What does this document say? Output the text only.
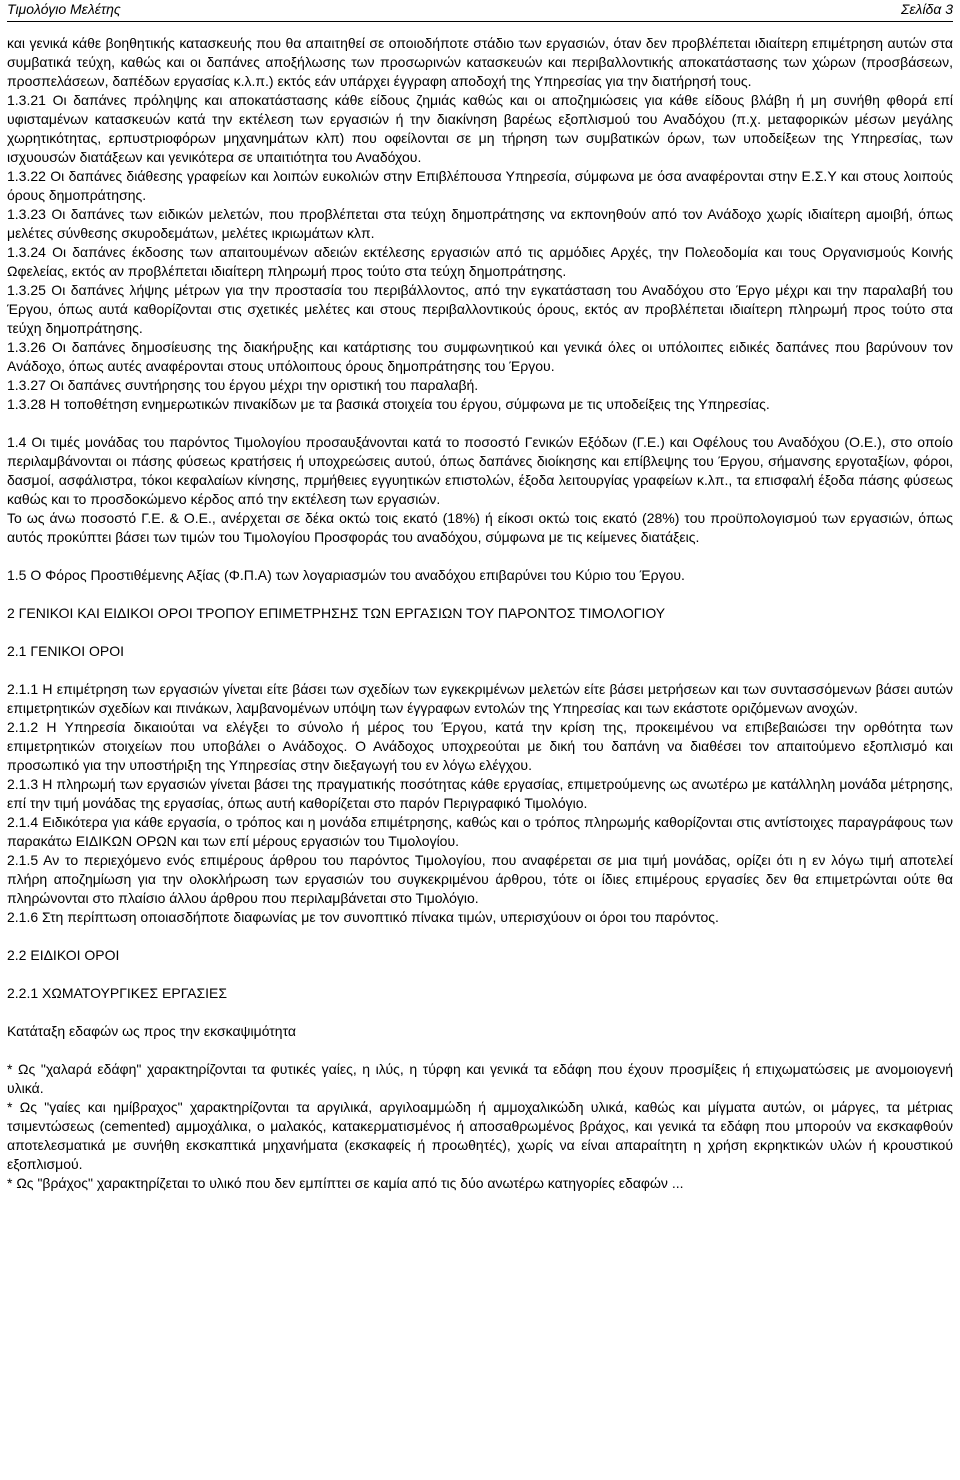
Τιμολόγιο Μελέτης	Σελίδα 3

και γενικά κάθε βοηθητικής κατασκευής που θα απαιτηθεί σε οποιοδήποτε στάδιο των εργασιών, όταν δεν προβλέπεται ιδιαίτερη επιμέτρηση αυτών στα συμβατικά τεύχη, καθώς και οι δαπάνες αποξήλωσης των προσωρινών κατασκευών και περιβαλλοντικής αποκατάστασης των χώρων (προσβάσεων, προσπελάσεων, δαπέδων εργασίας κ.λ.π.) εκτός εάν υπάρχει έγγραφη αποδοχή της Υπηρεσίας για την διατήρησή τους.

1.3.21 Οι δαπάνες πρόληψης και αποκατάστασης κάθε είδους ζημιάς καθώς και οι αποζημιώσεις για κάθε είδους βλάβη ή μη συνήθη φθορά επί υφισταμένων κατασκευών κατά την εκτέλεση των εργασιών ή την διακίνηση βαρέως εξοπλισμού του Αναδόχου (π.χ. μεταφορικών μέσων μεγάλης χωρητικότητας, ερπυστριοφόρων μηχανημάτων κλπ) που οφείλονται σε μη τήρηση των συμβατικών όρων, των υποδείξεων της Υπηρεσίας, των ισχυουσών διατάξεων και γενικότερα σε υπαιτιότητα του Αναδόχου.

1.3.22 Οι δαπάνες διάθεσης γραφείων και λοιπών ευκολιών στην Επιβλέπουσα Υπηρεσία, σύμφωνα με όσα αναφέρονται στην Ε.Σ.Υ και στους λοιπούς όρους δημοπράτησης.

1.3.23 Οι δαπάνες των ειδικών μελετών, που προβλέπεται στα τεύχη δημοπράτησης να εκπονηθούν από τον Ανάδοχο χωρίς ιδιαίτερη αμοιβή, όπως μελέτες σύνθεσης σκυροδεμάτων, μελέτες ικριωμάτων κλπ.

1.3.24 Οι δαπάνες έκδοσης των απαιτουμένων αδειών εκτέλεσης εργασιών από τις αρμόδιες Αρχές, την Πολεοδομία και τους Οργανισμούς Κοινής Ωφελείας, εκτός αν προβλέπεται ιδιαίτερη πληρωμή προς τούτο στα τεύχη δημοπράτησης.

1.3.25 Οι δαπάνες λήψης μέτρων για την προστασία του περιβάλλοντος, από την εγκατάσταση του Αναδόχου στο Έργο μέχρι και την παραλαβή του Έργου, όπως αυτά καθορίζονται στις σχετικές μελέτες και στους περιβαλλοντικούς όρους, εκτός αν προβλέπεται ιδιαίτερη πληρωμή προς τούτο στα τεύχη δημοπράτησης.

1.3.26 Οι δαπάνες δημοσίευσης της διακήρυξης και κατάρτισης του συμφωνητικού και γενικά όλες οι υπόλοιπες ειδικές δαπάνες που βαρύνουν τον Ανάδοχο, όπως αυτές αναφέρονται στους υπόλοιπους όρους δημοπράτησης του Έργου.

1.3.27 Οι δαπάνες συντήρησης του έργου μέχρι την οριστική του παραλαβή.

1.3.28 Η τοποθέτηση ενημερωτικών πινακίδων με τα βασικά στοιχεία του έργου, σύμφωνα με τις υποδείξεις της Υπηρεσίας.

1.4 Οι τιμές μονάδας του παρόντος Τιμολογίου προσαυξάνονται κατά το ποσοστό Γενικών Εξόδων (Γ.Ε.) και Οφέλους του Αναδόχου (Ο.Ε.), στο οποίο περιλαμβάνονται οι πάσης φύσεως κρατήσεις ή υποχρεώσεις αυτού, όπως δαπάνες διοίκησης και επίβλεψης του Έργου, σήμανσης εργοταξίων, φόροι, δασμοί, ασφάλιστρα, τόκοι κεφαλαίων κίνησης, πρμήθειες εγγυητικών επιστολών, έξοδα λειτουργίας γραφείων κ.λπ., τα επισφαλή έξοδα πάσης φύσεως καθώς και το προσδοκώμενο κέρδος από την εκτέλεση των εργασιών.

Το ως άνω ποσοστό Γ.Ε. & Ο.Ε., ανέρχεται σε δέκα οκτώ τοις εκατό (18%) ή είκοσι οκτώ τοις εκατό (28%) του προϋπολογισμού των εργασιών, όπως αυτός προκύπτει βάσει των τιμών του Τιμολογίου Προσφοράς του αναδόχου, σύμφωνα με τις κείμενες διατάξεις.

1.5 Ο Φόρος Προστιθέμενης Αξίας (Φ.Π.Α) των λογαριασμών του αναδόχου επιβαρύνει του Κύριο του Έργου.

2 ΓΕΝΙΚΟΙ ΚΑΙ ΕΙΔΙΚΟΙ ΟΡΟΙ ΤΡΟΠΟΥ ΕΠΙΜΕΤΡΗΣΗΣ ΤΩΝ ΕΡΓΑΣΙΩΝ ΤΟΥ ΠΑΡΟΝΤΟΣ ΤΙΜΟΛΟΓΙΟΥ

2.1 ΓΕΝΙΚΟΙ ΟΡΟΙ

2.1.1 Η επιμέτρηση των εργασιών γίνεται είτε βάσει των σχεδίων των εγκεκριμένων μελετών είτε βάσει μετρήσεων και των συντασσόμενων βάσει αυτών επιμετρητικών σχεδίων και πινάκων, λαμβανομένων υπόψη των έγγραφων εντολών της Υπηρεσίας και των εκάστοτε οριζόμενων ανοχών.

2.1.2 Η Υπηρεσία δικαιούται να ελέγξει το σύνολο ή μέρος του Έργου, κατά την κρίση της, προκειμένου να επιβεβαιώσει την ορθότητα των επιμετρητικών στοιχείων που υποβάλει ο Ανάδοχος. Ο Ανάδοχος υποχρεούται με δική του δαπάνη να διαθέσει τον απαιτούμενο εξοπλισμό και προσωπικό για την υποστήριξη της Υπηρεσίας στην διεξαγωγή του εν λόγω ελέγχου.

2.1.3 Η πληρωμή των εργασιών γίνεται βάσει της πραγματικής ποσότητας κάθε εργασίας, επιμετρούμενης ως ανωτέρω με κατάλληλη μονάδα μέτρησης, επί την τιμή μονάδας της εργασίας, όπως αυτή καθορίζεται στο παρόν Περιγραφικό Τιμολόγιο.

2.1.4 Ειδικότερα για κάθε εργασία, ο τρόπος και η μονάδα επιμέτρησης, καθώς και ο τρόπος πληρωμής καθορίζονται στις αντίστοιχες παραγράφους των παρακάτω ΕΙΔΙΚΩΝ ΟΡΩΝ και των επί μέρους εργασιών του Τιμολογίου.

2.1.5 Αν το περιεχόμενο ενός επιμέρους άρθρου του παρόντος Τιμολογίου, που αναφέρεται σε μια τιμή μονάδας, ορίζει ότι η εν λόγω τιμή αποτελεί πλήρη αποζημίωση για την ολοκλήρωση των εργασιών του συγκεκριμένου άρθρου, τότε οι ίδιες επιμέρους εργασίες δεν θα επιμετρώνται ούτε θα πληρώνονται στο πλαίσιο άλλου άρθρου που περιλαμβάνεται στο Τιμολόγιο.

2.1.6 Στη περίπτωση οποιασδήποτε διαφωνίας με τον συνοπτικό πίνακα τιμών, υπερισχύουν οι όροι του παρόντος.

2.2 ΕΙΔΙΚΟΙ ΟΡΟΙ

2.2.1 ΧΩΜΑΤΟΥΡΓΙΚΕΣ ΕΡΓΑΣΙΕΣ

Κατάταξη εδαφών ως προς την εκσκαψιμότητα

* Ως "χαλαρά εδάφη" χαρακτηρίζονται τα φυτικές γαίες, η ιλύς, η τύρφη και γενικά τα εδάφη που έχουν προσμίξεις ή επιχωματώσεις με ανομοιογενή υλικά.

* Ως "γαίες και ημίβραχος" χαρακτηρίζονται τα αργιλικά, αργιλοαμμώδη ή αμμοχαλικώδη υλικά, καθώς και μίγματα αυτών, οι μάργες, τα μέτριας τσιμεντώσεως (cemented) αμμοχάλικα, ο μαλακός, κατακερματισμένος ή αποσαθρωμένος βράχος, και γενικά τα εδάφη που μπορούν να εκσκαφθούν αποτελεσματικά με συνήθη εκσκαπτικά μηχανήματα (εκσκαφείς ή προωθητές), χωρίς να είναι απαραίτητη η χρήση εκρηκτικών υλών ή κρουστικού εξοπλισμού.

* Ως "βράχος" χαρακτηρίζεται το υλικό που δεν εμπίπτει σε καμία από τις δύο ανωτέρω κατηγορίες εδαφών ...
